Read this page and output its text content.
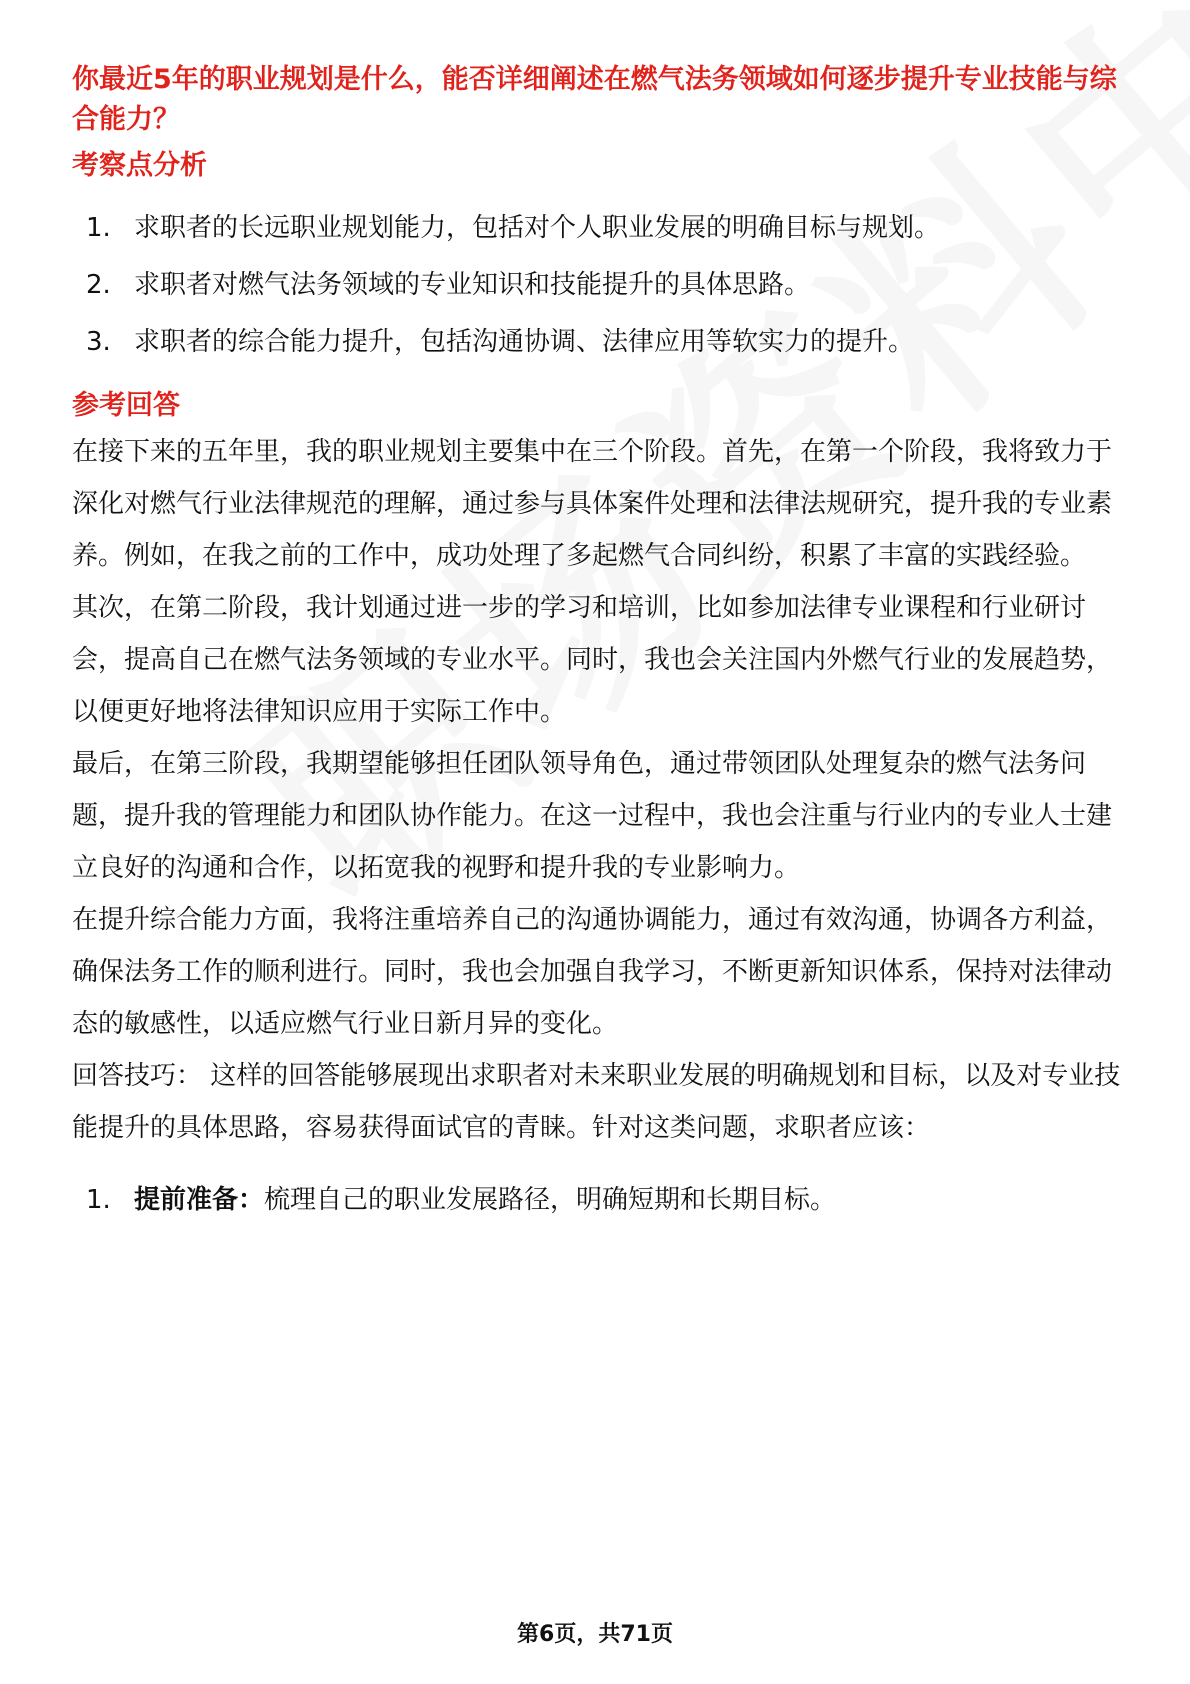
你最近5年的职业规划是什么，能否详细阐述在燃气法务领域如何逐步提升专业技能与综合能力？
考察点分析
1. 求职者的长远职业规划能力，包括对个人职业发展的明确目标与规划。
2. 求职者对燃气法务领域的专业知识和技能提升的具体思路。
3. 求职者的综合能力提升，包括沟通协调、法律应用等软实力的提升。
参考回答

在接下来的五年里，我的职业规划主要集中在三个阶段。首先，在第一个阶段，我将致力于深化对燃气行业法律规范的理解，通过参与具体案件处理和法律法规研究，提升我的专业素养。例如，在我之前的工作中，成功处理了多起燃气合同纠纷，积累了丰富的实践经验。

其次，在第二阶段，我计划通过进一步的学习和培训，比如参加法律专业课程和行业研讨会，提高自己在燃气法务领域的专业水平。同时，我也会关注国内外燃气行业的发展趋势，以便更好地将法律知识应用于实际工作中。

最后，在第三阶段，我期望能够担任团队领导角色，通过带领团队处理复杂的燃气法务问题，提升我的管理能力和团队协作能力。在这一过程中，我也会注重与行业内的专业人士建立良好的沟通和合作，以拓宽我的视野和提升我的专业影响力。

在提升综合能力方面，我将注重培养自己的沟通协调能力，通过有效沟通，协调各方利益，确保法务工作的顺利进行。同时，我也会加强自我学习，不断更新知识体系，保持对法律动态的敏感性，以适应燃气行业日新月异的变化。

回答技巧： 这样的回答能够展现出求职者对未来职业发展的明确规划和目标，以及对专业技能提升的具体思路，容易获得面试官的青睐。针对这类问题，求职者应该：

1. 提前准备：梳理自己的职业发展路径，明确短期和长期目标。
第6页，共71页
